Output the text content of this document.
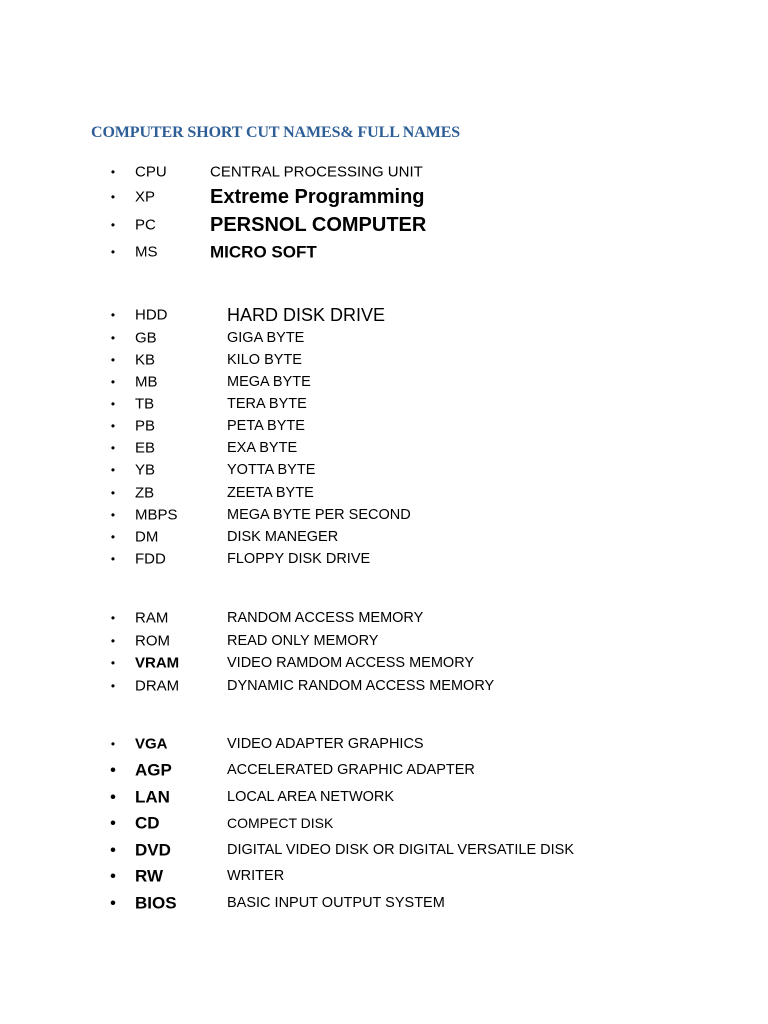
COMPUTER SHORT CUT NAMES& FULL NAMES
• CPU	CENTRAL PROCESSING UNIT
• XP	Extreme Programming
• PC	PERSNOL COMPUTER
• MS	MICRO SOFT
• HDD	HARD DISK DRIVE
• GB	GIGA BYTE
• KB	KILO BYTE
• MB	MEGA BYTE
• TB	TERA BYTE
• PB	PETA BYTE
• EB	EXA BYTE
• YB	YOTTA BYTE
• ZB	ZEETA BYTE
• MBPS	MEGA BYTE PER SECOND
• DM	DISK MANEGER
• FDD	FLOPPY DISK DRIVE
• RAM	RANDOM ACCESS MEMORY
• ROM	READ ONLY MEMORY
• VRAM	VIDEO RAMDOM ACCESS MEMORY
• DRAM	DYNAMIC RANDOM ACCESS MEMORY
• VGA	VIDEO ADAPTER GRAPHICS
• AGP	ACCELERATED GRAPHIC ADAPTER
• LAN	LOCAL AREA NETWORK
• CD	COMPECT DISK
• DVD	DIGITAL VIDEO DISK OR DIGITAL VERSATILE DISK
• RW	WRITER
• BIOS	BASIC INPUT OUTPUT SYSTEM
